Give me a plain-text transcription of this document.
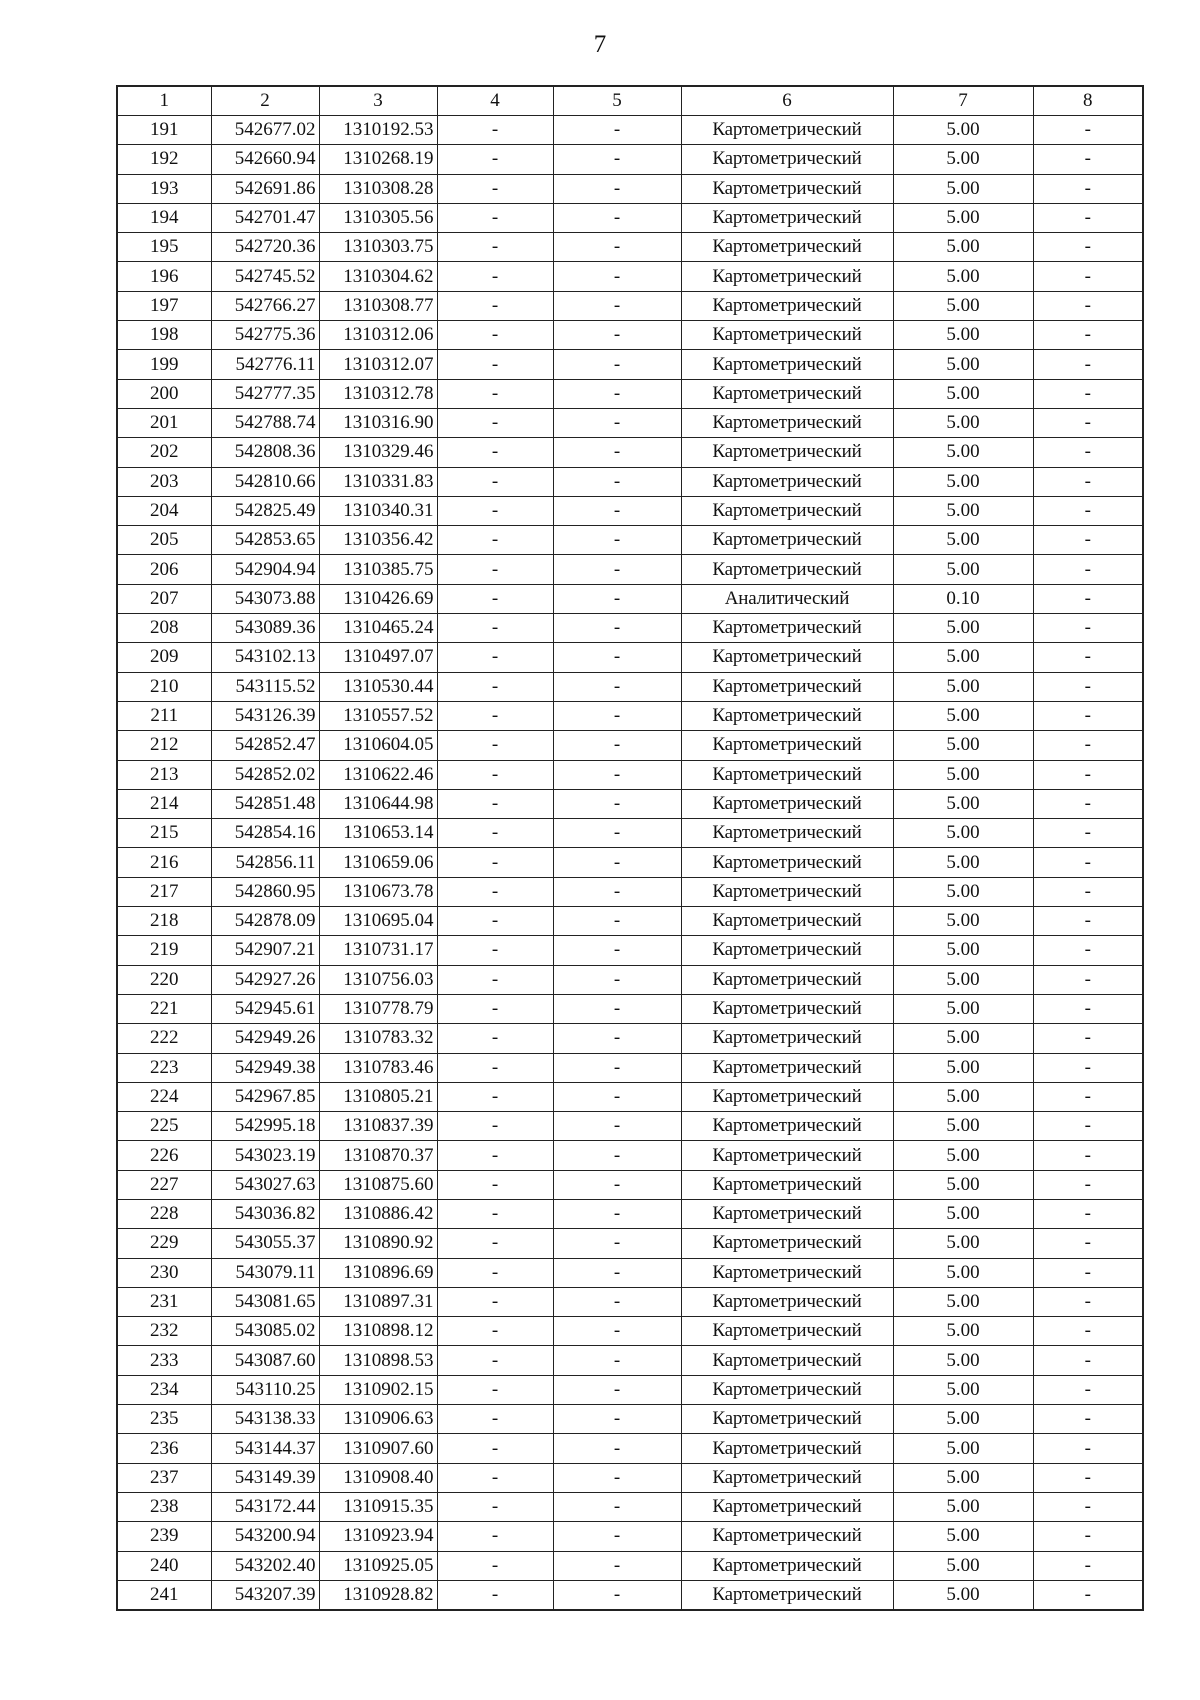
7
1	2	3	4	5	6	7	8
191	542677.02	1310192.53	-	-	Картометрический	5.00	-
192	542660.94	1310268.19	-	-	Картометрический	5.00	-
193	542691.86	1310308.28	-	-	Картометрический	5.00	-
194	542701.47	1310305.56	-	-	Картометрический	5.00	-
195	542720.36	1310303.75	-	-	Картометрический	5.00	-
196	542745.52	1310304.62	-	-	Картометрический	5.00	-
197	542766.27	1310308.77	-	-	Картометрический	5.00	-
198	542775.36	1310312.06	-	-	Картометрический	5.00	-
199	542776.11	1310312.07	-	-	Картометрический	5.00	-
200	542777.35	1310312.78	-	-	Картометрический	5.00	-
201	542788.74	1310316.90	-	-	Картометрический	5.00	-
202	542808.36	1310329.46	-	-	Картометрический	5.00	-
203	542810.66	1310331.83	-	-	Картометрический	5.00	-
204	542825.49	1310340.31	-	-	Картометрический	5.00	-
205	542853.65	1310356.42	-	-	Картометрический	5.00	-
206	542904.94	1310385.75	-	-	Картометрический	5.00	-
207	543073.88	1310426.69	-	-	Аналитический	0.10	-
208	543089.36	1310465.24	-	-	Картометрический	5.00	-
209	543102.13	1310497.07	-	-	Картометрический	5.00	-
210	543115.52	1310530.44	-	-	Картометрический	5.00	-
211	543126.39	1310557.52	-	-	Картометрический	5.00	-
212	542852.47	1310604.05	-	-	Картометрический	5.00	-
213	542852.02	1310622.46	-	-	Картометрический	5.00	-
214	542851.48	1310644.98	-	-	Картометрический	5.00	-
215	542854.16	1310653.14	-	-	Картометрический	5.00	-
216	542856.11	1310659.06	-	-	Картометрический	5.00	-
217	542860.95	1310673.78	-	-	Картометрический	5.00	-
218	542878.09	1310695.04	-	-	Картометрический	5.00	-
219	542907.21	1310731.17	-	-	Картометрический	5.00	-
220	542927.26	1310756.03	-	-	Картометрический	5.00	-
221	542945.61	1310778.79	-	-	Картометрический	5.00	-
222	542949.26	1310783.32	-	-	Картометрический	5.00	-
223	542949.38	1310783.46	-	-	Картометрический	5.00	-
224	542967.85	1310805.21	-	-	Картометрический	5.00	-
225	542995.18	1310837.39	-	-	Картометрический	5.00	-
226	543023.19	1310870.37	-	-	Картометрический	5.00	-
227	543027.63	1310875.60	-	-	Картометрический	5.00	-
228	543036.82	1310886.42	-	-	Картометрический	5.00	-
229	543055.37	1310890.92	-	-	Картометрический	5.00	-
230	543079.11	1310896.69	-	-	Картометрический	5.00	-
231	543081.65	1310897.31	-	-	Картометрический	5.00	-
232	543085.02	1310898.12	-	-	Картометрический	5.00	-
233	543087.60	1310898.53	-	-	Картометрический	5.00	-
234	543110.25	1310902.15	-	-	Картометрический	5.00	-
235	543138.33	1310906.63	-	-	Картометрический	5.00	-
236	543144.37	1310907.60	-	-	Картометрический	5.00	-
237	543149.39	1310908.40	-	-	Картометрический	5.00	-
238	543172.44	1310915.35	-	-	Картометрический	5.00	-
239	543200.94	1310923.94	-	-	Картометрический	5.00	-
240	543202.40	1310925.05	-	-	Картометрический	5.00	-
241	543207.39	1310928.82	-	-	Картометрический	5.00	-
